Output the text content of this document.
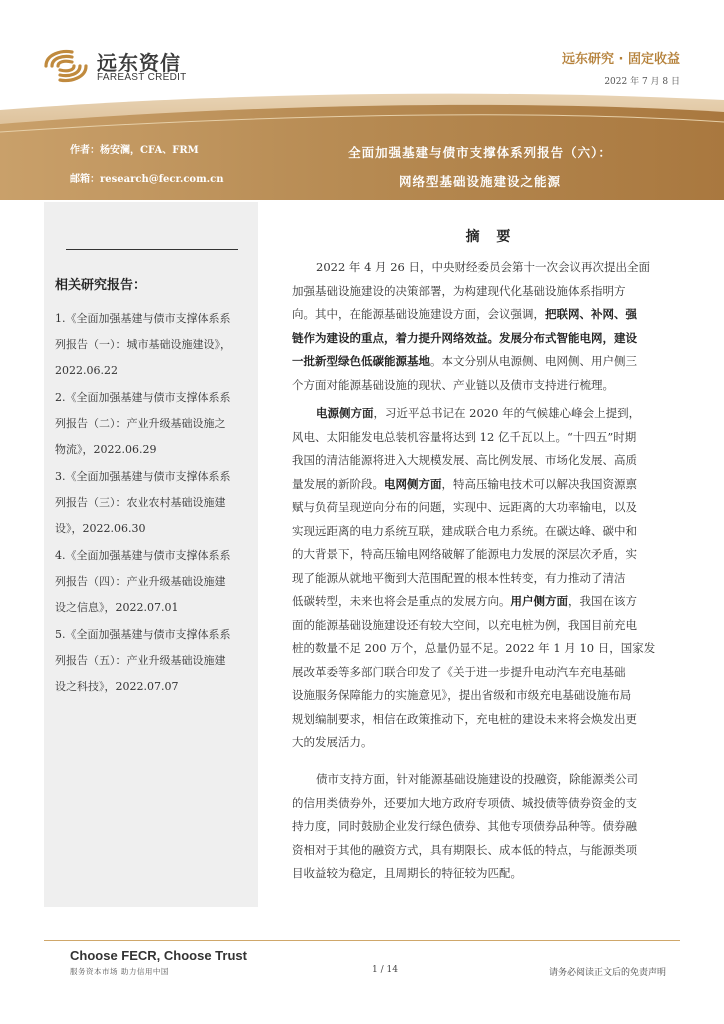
远东资信
FAREAST CREDIT
远东研究 · 固定收益
2022 年 7 月 8 日
作者：杨安澜，CFA、FRM
邮箱：research@fecr.com.cn
全面加强基建与债市支撑体系列报告（六）：
网络型基础设施建设之能源
相关研究报告：
1.《全面加强基建与债市支撑体系系
列报告（一）：城市基础设施建设》，
2022.06.22
2.《全面加强基建与债市支撑体系系
列报告（二）：产业升级基础设施之
物流》，2022.06.29
3.《全面加强基建与债市支撑体系系
列报告（三）：农业农村基础设施建
设》，2022.06.30
4.《全面加强基建与债市支撑体系系
列报告（四）：产业升级基础设施建
设之信息》，2022.07.01
5.《全面加强基建与债市支撑体系系
列报告（五）：产业升级基础设施建
设之科技》，2022.07.07
摘 要
2022 年 4 月 26 日，中央财经委员会第十一次会议再次提出全面
加强基础设施建设的决策部署，为构建现代化基础设施体系指明方
向。其中，在能源基础设施建设方面，会议强调，把联网、补网、强
链作为建设的重点，着力提升网络效益。发展分布式智能电网，建设
一批新型绿色低碳能源基地。本文分别从电源侧、电网侧、用户侧三
个方面对能源基础设施的现状、产业链以及债市支持进行梳理。
电源侧方面，习近平总书记在 2020 年的气候雄心峰会上提到，
风电、太阳能发电总装机容量将达到 12 亿千瓦以上。“十四五”时期
我国的清洁能源将进入大规模发展、高比例发展、市场化发展、高质
量发展的新阶段。电网侧方面，特高压输电技术可以解决我国资源禀
赋与负荷呈现逆向分布的问题，实现中、远距离的大功率输电，以及
实现远距离的电力系统互联，建成联合电力系统。在碳达峰、碳中和
的大背景下，特高压输电网络破解了能源电力发展的深层次矛盾，实
现了能源从就地平衡到大范围配置的根本性转变，有力推动了清洁
低碳转型，未来也将会是重点的发展方向。用户侧方面，我国在该方
面的能源基础设施建设还有较大空间，以充电桩为例，我国目前充电
桩的数量不足 200 万个，总量仍显不足。2022 年 1 月 10 日，国家发
展改革委等多部门联合印发了《关于进一步提升电动汽车充电基础
设施服务保障能力的实施意见》，提出省级和市级充电基础设施布局
规划编制要求，相信在政策推动下，充电桩的建设未来将会焕发出更
大的发展活力。
债市支持方面，针对能源基础设施建设的投融资，除能源类公司
的信用类债券外，还要加大地方政府专项债、城投债等债券资金的支
持力度，同时鼓励企业发行绿色债券、其他专项债券品种等。债券融
资相对于其他的融资方式，具有期限长、成本低的特点，与能源类项
目收益较为稳定，且周期长的特征较为匹配。
Choose FECR, Choose Trust
服务资本市场 助力信用中国	1 / 14	请务必阅读正文后的免责声明
